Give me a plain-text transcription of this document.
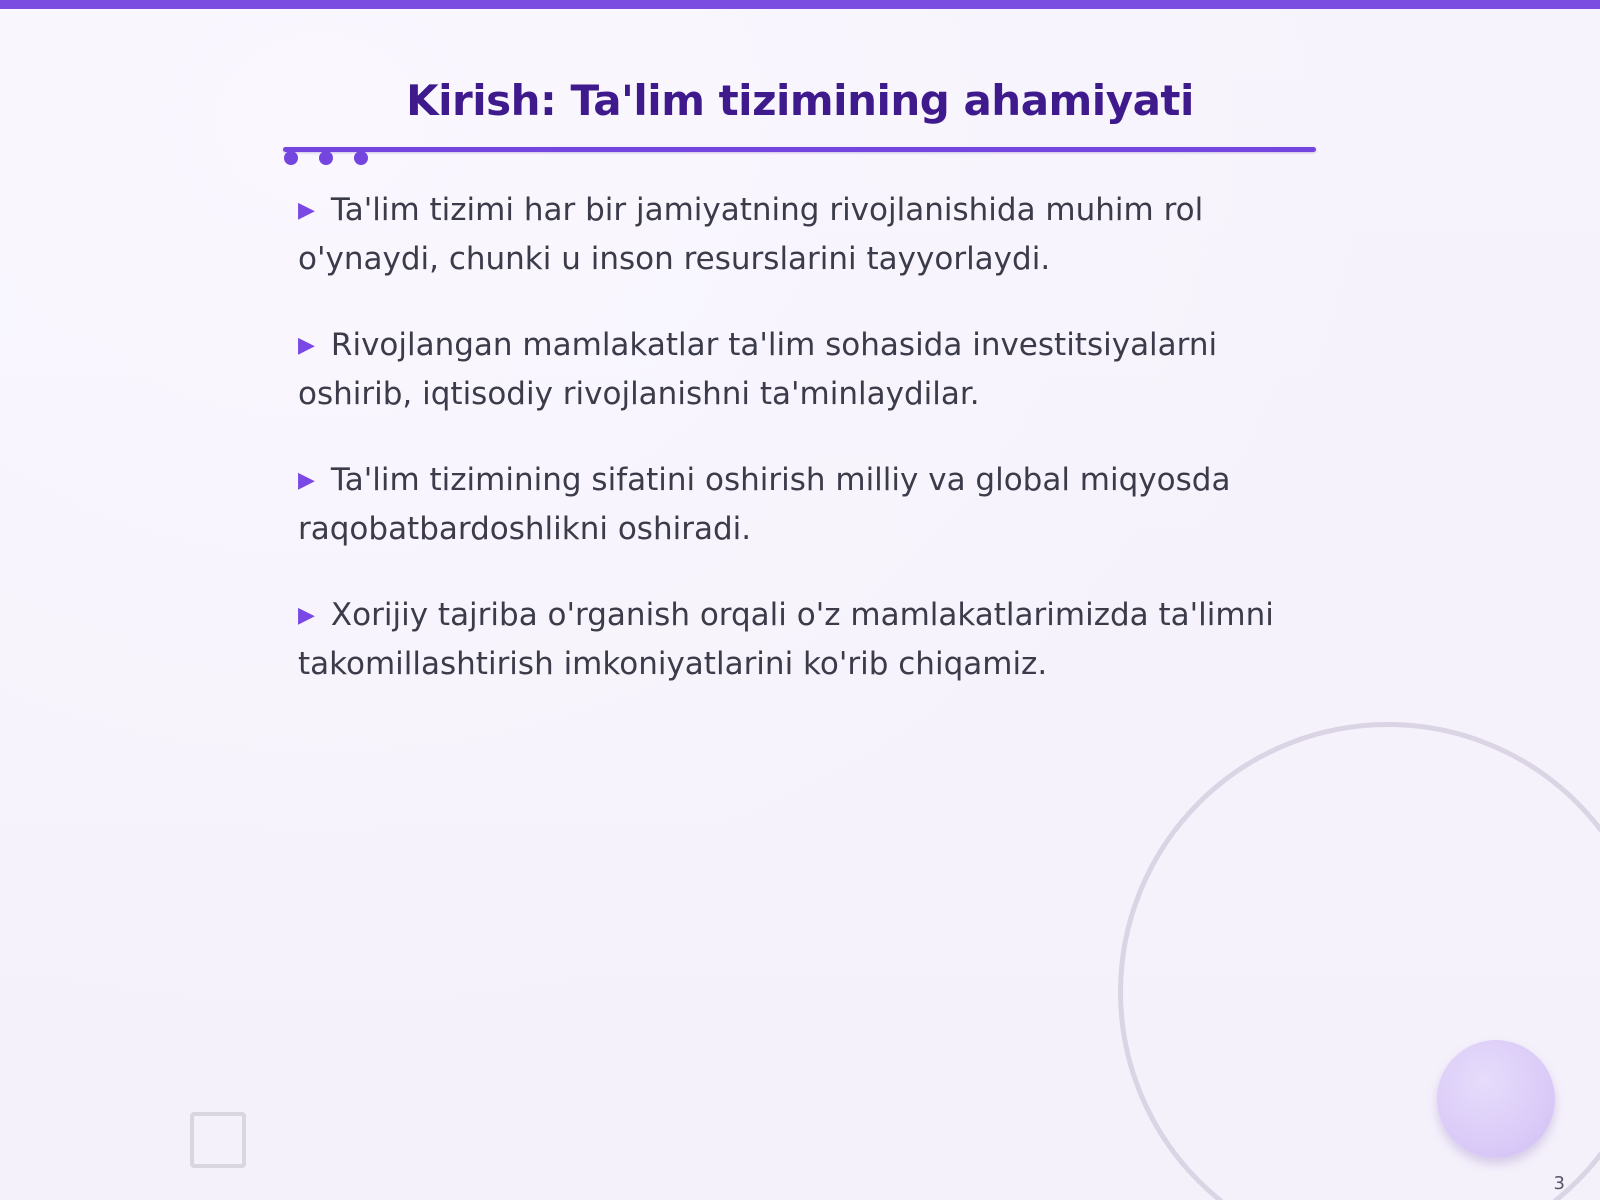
Kirish: Ta'lim tizimining ahamiyati
▶ Ta'lim tizimi har bir jamiyatning rivojlanishida muhim rol o'ynaydi, chunki u inson resurslarini tayyorlaydi.
▶ Rivojlangan mamlakatlar ta'lim sohasida investitsiyalarni oshirib, iqtisodiy rivojlanishni ta'minlaydilar.
▶ Ta'lim tizimining sifatini oshirish milliy va global miqyosda raqobatbardoshlikni oshiradi.
▶ Xorijiy tajriba o'rganish orqali o'z mamlakatlarimizda ta'limni takomillashtirish imkoniyatlarini ko'rib chiqamiz.
3
